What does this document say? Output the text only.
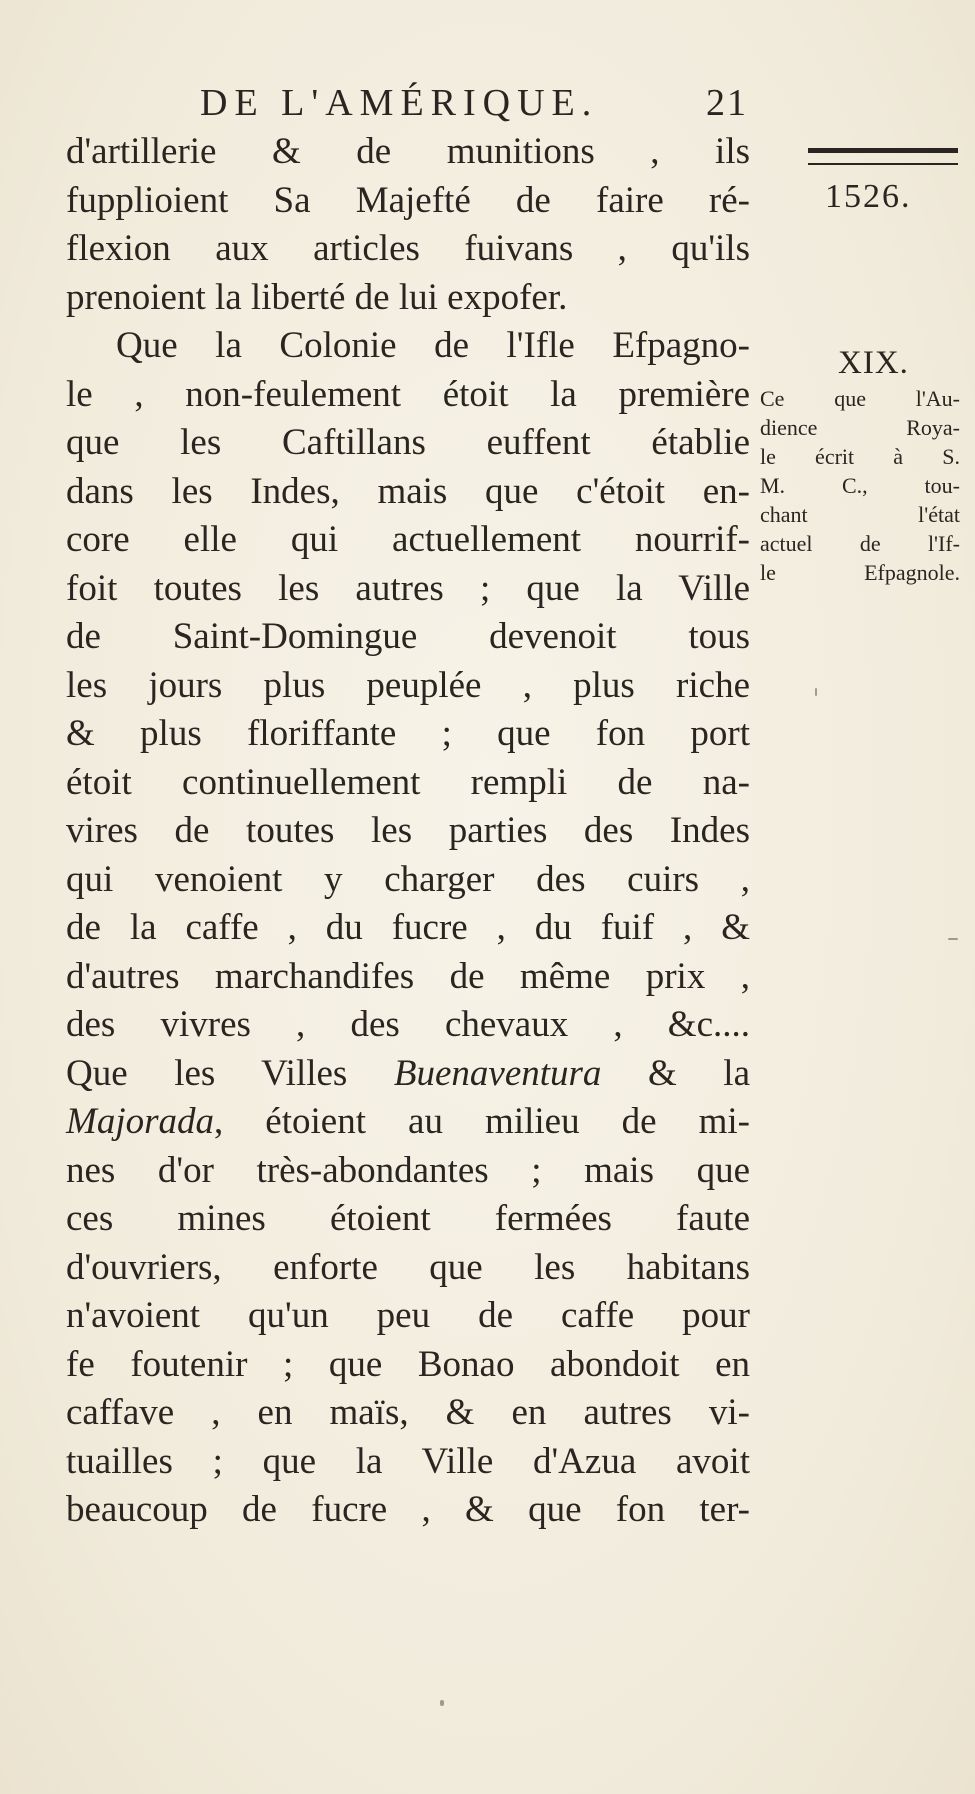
DE L'AMÉRIQUE.	21
1526.
XIX.
Ce que l'Au-
dience Roya-
le écrit à S.
M. C., tou-
chant l'état
actuel de l'If-
le Efpagnole.
d'artillerie & de munitions , ils
fupplioient Sa Majefté de faire ré-
flexion aux articles fuivans , qu'ils
prenoient la liberté de lui expofer.
Que la Colonie de l'Ifle Efpagno-
le , non-feulement étoit la première
que les Caftillans euffent établie
dans les Indes, mais que c'étoit en-
core elle qui actuellement nourrif-
foit toutes les autres ; que la Ville
de Saint-Domingue devenoit tous
les jours plus peuplée , plus riche
& plus floriffante ; que fon port
étoit continuellement rempli de na-
vires de toutes les parties des Indes
qui venoient y charger des cuirs ,
de la caffe , du fucre , du fuif , &
d'autres marchandifes de même prix ,
des vivres , des chevaux , &c....
Que les Villes Buenaventura & la
Majorada, étoient au milieu de mi-
nes d'or très-abondantes ; mais que
ces mines étoient fermées faute
d'ouvriers, enforte que les habitans
n'avoient qu'un peu de caffe pour
fe foutenir ; que Bonao abondoit en
caffave , en maïs, & en autres vi-
tuailles ; que la Ville d'Azua avoit
beaucoup de fucre , & que fon ter-
